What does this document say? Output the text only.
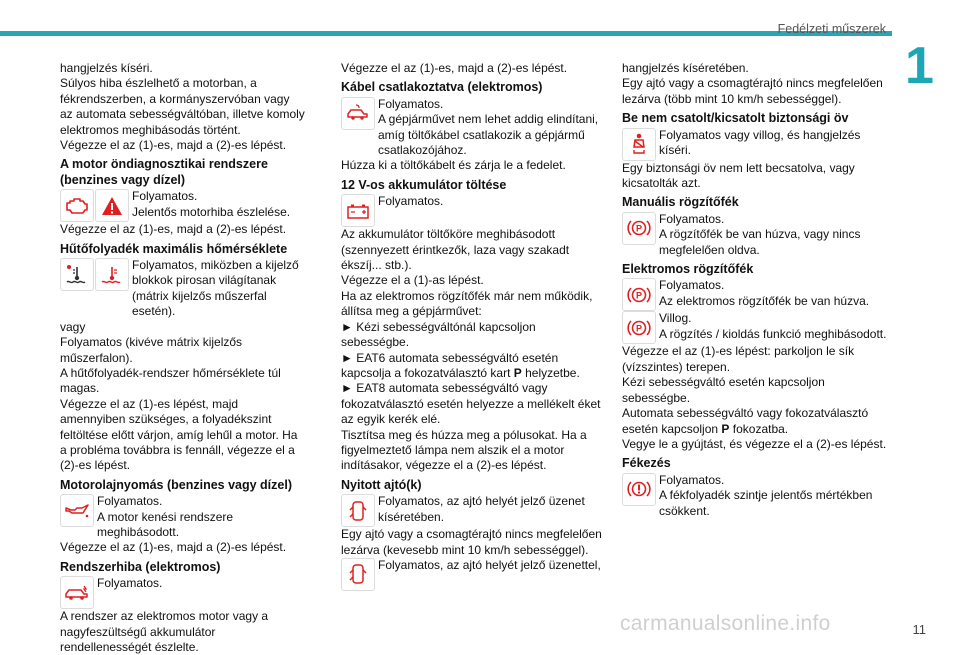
Fedélzeti műszerek
1

hangjelzés kíséri.

Súlyos hiba észlelhető a motorban, a fékrendszerben, a kormányszervóban vagy az automata sebességváltóban, illetve komoly elektromos meghibásodás történt.

Végezze el az (1)-es, majd a (2)-es lépést.

A motor öndiagnosztikai rendszere (benzines vagy dízel)

Folyamatos.

Jelentős motorhiba észlelése.

Végezze el az (1)-es, majd a (2)-es lépést.

Hűtőfolyadék maximális hőmérséklete

Folyamatos, miközben a kijelző blokkok pirosan világítanak (mátrix kijelzős műszerfal esetén).

vagy

Folyamatos (kivéve mátrix kijelzős műszerfalon).

A hűtőfolyadék-rendszer hőmérséklete túl magas.

Végezze el az (1)-es lépést, majd amennyiben szükséges, a folyadékszint feltöltése előtt várjon, amíg lehűl a motor. Ha a probléma továbbra is fennáll, végezze el a (2)-es lépést.

Motorolajnyomás (benzines vagy dízel)

Folyamatos.

A motor kenési rendszere meghibásodott.

Végezze el az (1)-es, majd a (2)-es lépést.

Rendszerhiba (elektromos)

Folyamatos.

A rendszer az elektromos motor vagy a nagyfeszültségű akkumulátor rendellenességét észlelte.

Végezze el az (1)-es, majd a (2)-es lépést.

Kábel csatlakoztatva (elektromos)

Folyamatos.

A gépjárművet nem lehet addig elindítani, amíg töltőkábel csatlakozik a gépjármű csatlakozójához.

Húzza ki a töltőkábelt és zárja le a fedelet.

12 V-os akkumulátor töltése

Folyamatos.

Az akkumulátor töltőköre meghibásodott (szennyezett érintkezők, laza vagy szakadt ékszíj... stb.).

Végezze el a (1)-as lépést.

Ha az elektromos rögzítőfék már nem működik, állítsa meg a gépjárművet:

► Kézi sebességváltónál kapcsoljon sebességbe.

► EAT6 automata sebességváltó esetén kapcsolja a fokozatválasztó kart P helyzetbe.

► EAT8 automata sebességváltó vagy fokozatválasztó esetén helyezze a mellékelt éket az egyik kerék elé.

Tisztítsa meg és húzza meg a pólusokat. Ha a figyelmeztető lámpa nem alszik el a motor indításakor, végezze el a (2)-es lépést.

Nyitott ajtó(k)

Folyamatos, az ajtó helyét jelző üzenet kíséretében.

Egy ajtó vagy a csomagtérajtó nincs megfelelően lezárva (kevesebb mint 10 km/h sebességgel).

Folyamatos, az ajtó helyét jelző üzenettel,

hangjelzés kíséretében.

Egy ajtó vagy a csomagtérajtó nincs megfelelően lezárva (több mint 10 km/h sebességgel).

Be nem csatolt/kicsatolt biztonsági öv

Folyamatos vagy villog, és hangjelzés kíséri.

Egy biztonsági öv nem lett becsatolva, vagy kicsatolták azt.

Manuális rögzítőfék
P

Folyamatos.

A rögzítőfék be van húzva, vagy nincs megfelelően oldva.

Elektromos rögzítőfék
P

Folyamatos.

Az elektromos rögzítőfék be van húzva.

P

Villog.

A rögzítés / kioldás funkció meghibásodott.

Végezze el az (1)-es lépést: parkoljon le sík (vízszintes) terepen.

Kézi sebességváltó esetén kapcsoljon sebességbe.

Automata sebességváltó vagy fokozatválasztó esetén kapcsoljon P fokozatba.

Vegye le a gyújtást, és végezze el a (2)-es lépést.

Fékezés

Folyamatos.

A fékfolyadék szintje jelentős mértékben csökkent.

carmanualsonline.info	11
